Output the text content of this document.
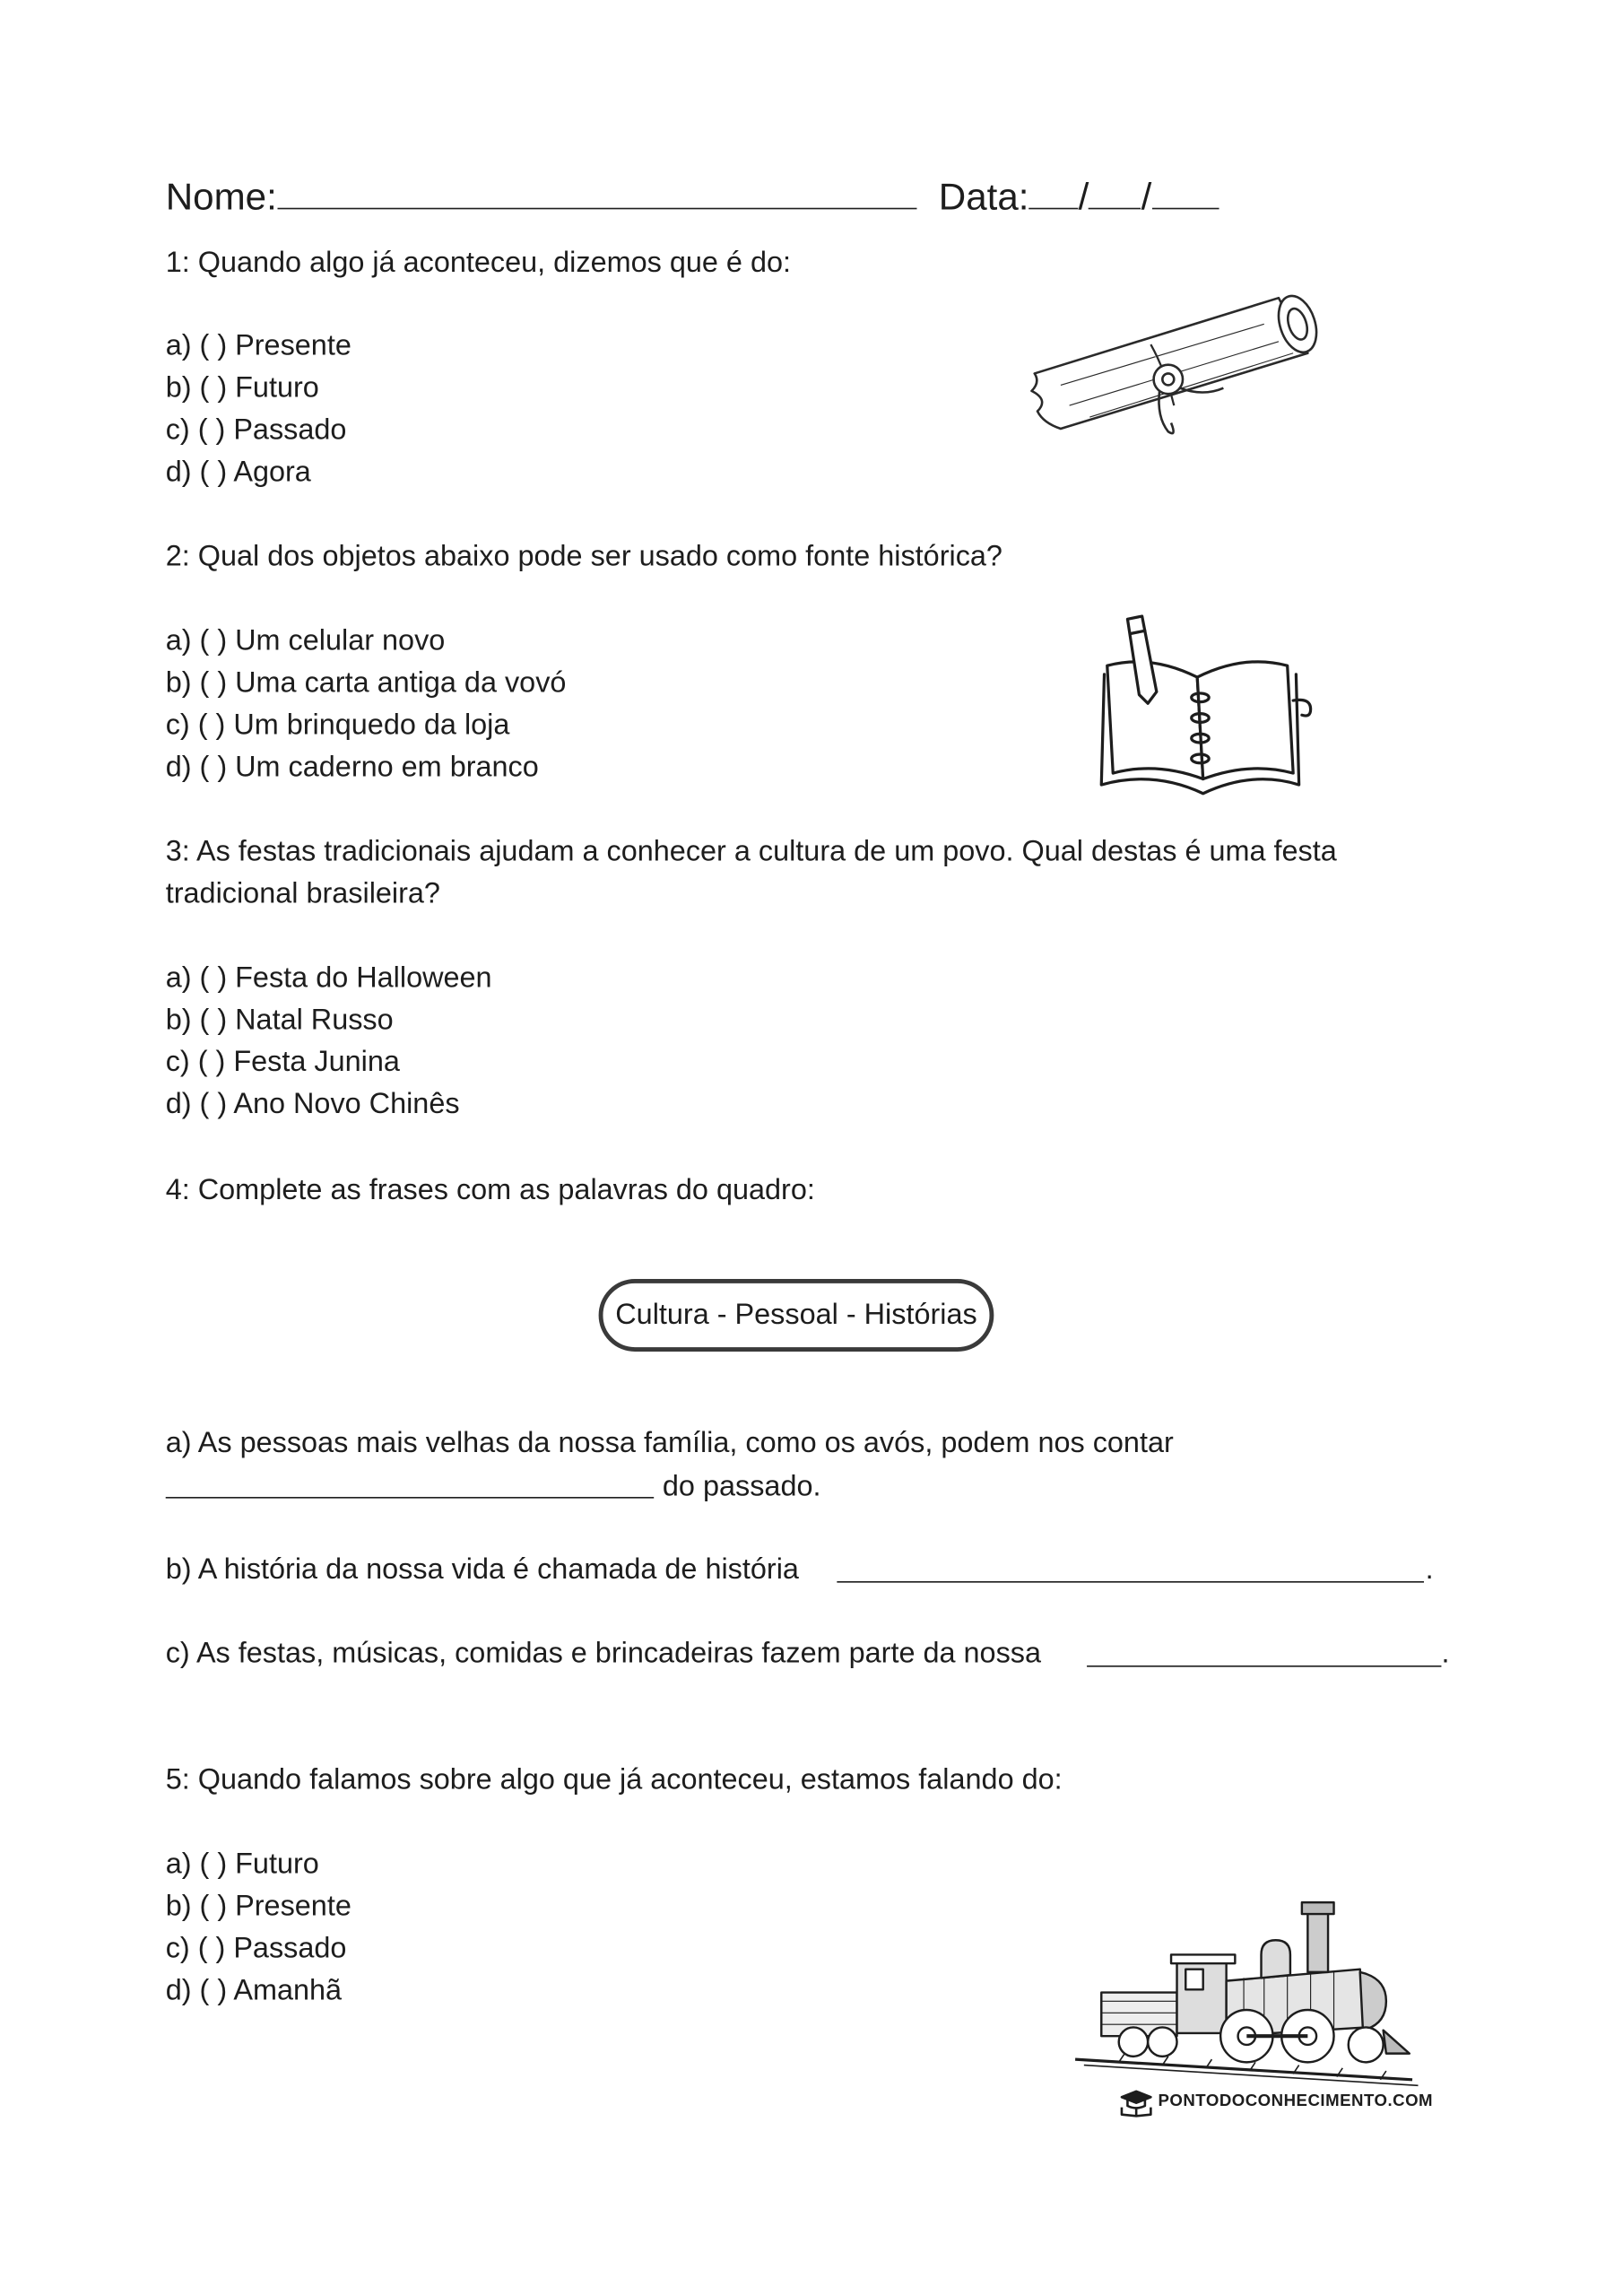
Nome:	Data: / /
1: Quando algo já aconteceu, dizemos que é do:
a) ( ) Presente
b) ( ) Futuro
c) ( ) Passado
d) ( ) Agora
2: Qual dos objetos abaixo pode ser usado como fonte histórica?
a) ( ) Um celular novo
b) ( ) Uma carta antiga da vovó
c) ( ) Um brinquedo da loja
d) ( ) Um caderno em branco
3: As festas tradicionais ajudam a conhecer a cultura de um povo. Qual destas é uma festa
tradicional brasileira?
a) ( ) Festa do Halloween
b) ( ) Natal Russo
c) ( ) Festa Junina
d) ( ) Ano Novo Chinês
4: Complete as frases com as palavras do quadro:
Cultura - Pessoal - Histórias
a) As pessoas mais velhas da nossa família, como os avós, podem nos contar
do passado.
b) A história da nossa vida é chamada de história	.
c) As festas, músicas, comidas e brincadeiras fazem parte da nossa	.
5: Quando falamos sobre algo que já aconteceu, estamos falando do:
a) ( ) Futuro
b) ( ) Presente
c) ( ) Passado
d) ( ) Amanhã
PONTODOCONHECIMENTO.COM
